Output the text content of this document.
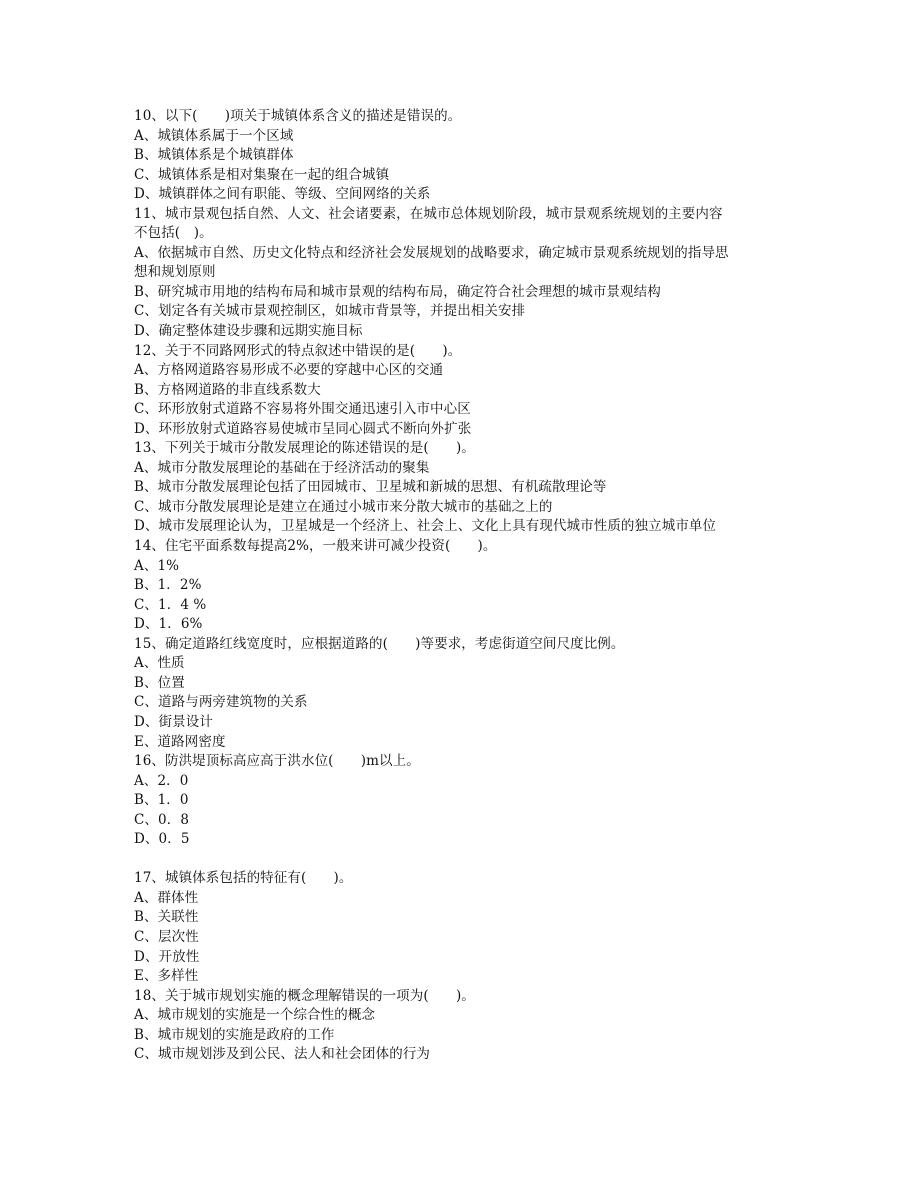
10、以下(　　)项关于城镇体系含义的描述是错误的。
A、城镇体系属于一个区域
B、城镇体系是个城镇群体
C、城镇体系是相对集聚在一起的组合城镇
D、城镇群体之间有职能、等级、空间网络的关系
11、城市景观包括自然、人文、社会诸要素，在城市总体规划阶段，城市景观系统规划的主要内容
不包括(　)。
A、依据城市自然、历史文化特点和经济社会发展规划的战略要求，确定城市景观系统规划的指导思
想和规划原则
B、研究城市用地的结构布局和城市景观的结构布局，确定符合社会理想的城市景观结构
C、划定各有关城市景观控制区，如城市背景等，并提出相关安排
D、确定整体建设步骤和远期实施目标
12、关于不同路网形式的特点叙述中错误的是(　　)。
A、方格网道路容易形成不必要的穿越中心区的交通
B、方格网道路的非直线系数大
C、环形放射式道路不容易将外围交通迅速引入市中心区
D、环形放射式道路容易使城市呈同心圆式不断向外扩张
13、下列关于城市分散发展理论的陈述错误的是(　　)。
A、城市分散发展理论的基础在于经济活动的聚集
B、城市分散发展理论包括了田园城市、卫星城和新城的思想、有机疏散理论等
C、城市分散发展理论是建立在通过小城市来分散大城市的基础之上的
D、城市发展理论认为，卫星城是一个经济上、社会上、文化上具有现代城市性质的独立城市单位
14、住宅平面系数每提高2%，一般来讲可减少投资(　　)。
A、1%
B、1．2%
C、1．4 %
D、1．6%
15、确定道路红线宽度时，应根据道路的(　　)等要求，考虑街道空间尺度比例。
A、性质
B、位置
C、道路与两旁建筑物的关系
D、街景设计
E、道路网密度
16、防洪堤顶标高应高于洪水位(　　)m以上。
A、2．0
B、1．0
C、0．8
D、0．5
17、城镇体系包括的特征有(　　)。
A、群体性
B、关联性
C、层次性
D、开放性
E、多样性
18、关于城市规划实施的概念理解错误的一项为(　　)。
A、城市规划的实施是一个综合性的概念
B、城市规划的实施是政府的工作
C、城市规划涉及到公民、法人和社会团体的行为
